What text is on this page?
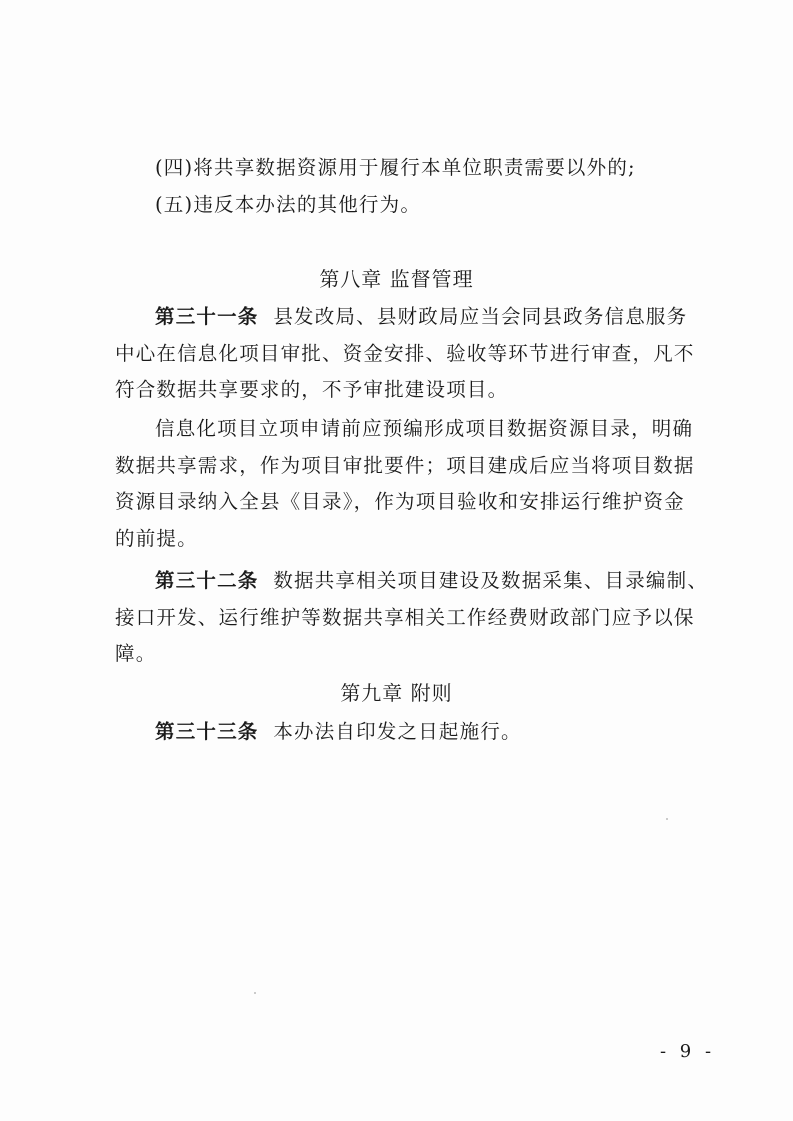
(四)将共享数据资源用于履行本单位职责需要以外的;
(五)违反本办法的其他行为。
第八章 监督管理
第三十一条 县发改局、县财政局应当会同县政务信息服务
中心在信息化项目审批、资金安排、验收等环节进行审查，凡不
符合数据共享要求的，不予审批建设项目。
信息化项目立项申请前应预编形成项目数据资源目录，明确
数据共享需求，作为项目审批要件；项目建成后应当将项目数据
资源目录纳入全县《目录》，作为项目验收和安排运行维护资金
的前提。
第三十二条 数据共享相关项目建设及数据采集、目录编制、
接口开发、运行维护等数据共享相关工作经费财政部门应予以保
障。
第九章 附则
第三十三条 本办法自印发之日起施行。
- 9 -
